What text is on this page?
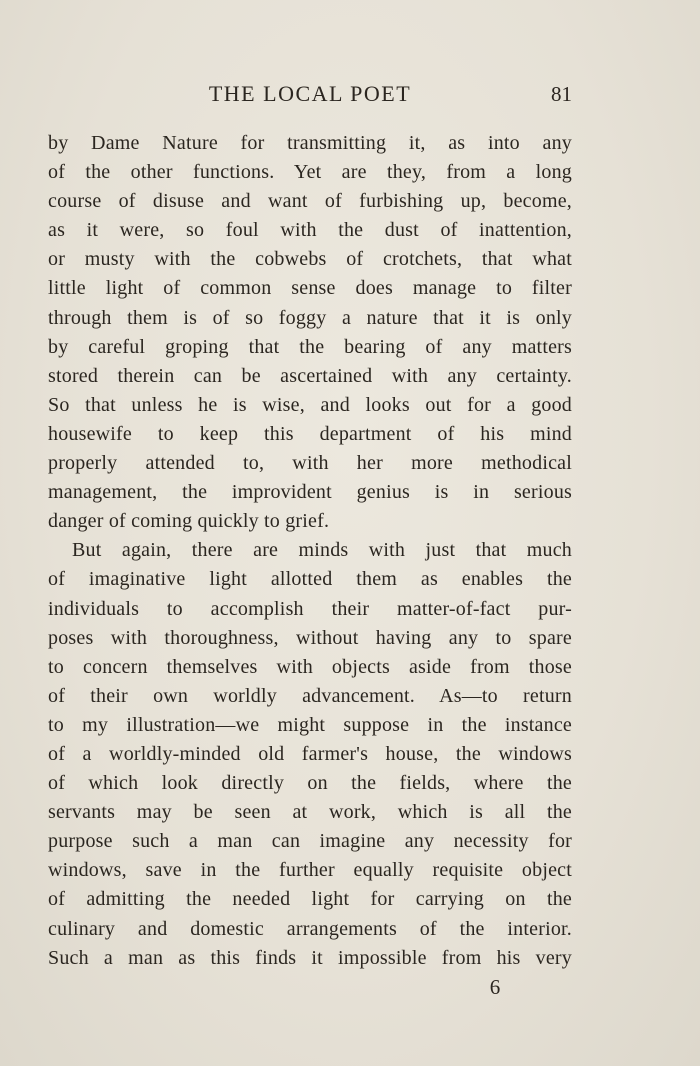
THE LOCAL POET	81
by Dame Nature for transmitting it, as into any
of the other functions. Yet are they, from a long
course of disuse and want of furbishing up, become,
as it were, so foul with the dust of inattention,
or musty with the cobwebs of crotchets, that what
little light of common sense does manage to filter
through them is of so foggy a nature that it is only
by careful groping that the bearing of any matters
stored therein can be ascertained with any certainty.
So that unless he is wise, and looks out for a good
housewife to keep this department of his mind
properly attended to, with her more methodical
management, the improvident genius is in serious
danger of coming quickly to grief.
But again, there are minds with just that much
of imaginative light allotted them as enables the
individuals to accomplish their matter-of-fact pur-
poses with thoroughness, without having any to spare
to concern themselves with objects aside from those
of their own worldly advancement. As—to return
to my illustration—we might suppose in the instance
of a worldly-minded old farmer's house, the windows
of which look directly on the fields, where the
servants may be seen at work, which is all the
purpose such a man can imagine any necessity for
windows, save in the further equally requisite object
of admitting the needed light for carrying on the
culinary and domestic arrangements of the interior.
Such a man as this finds it impossible from his very
6
